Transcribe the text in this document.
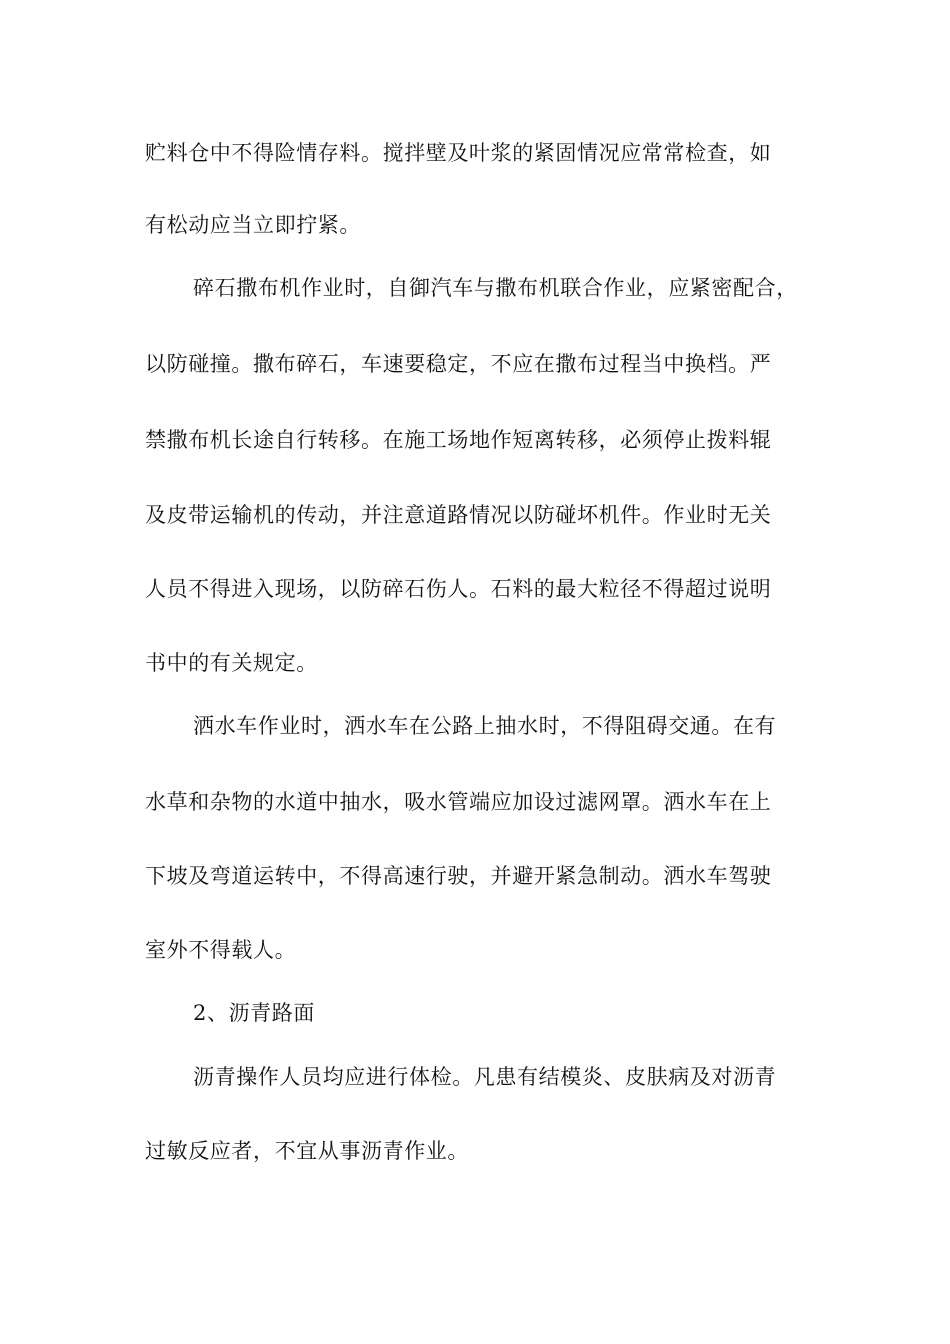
贮料仓中不得险情存料。搅拌壁及叶浆的紧固情况应常常检查，如
有松动应当立即拧紧。
碎石撒布机作业时，自御汽车与撒布机联合作业，应紧密配合，
以防碰撞。撒布碎石，车速要稳定，不应在撒布过程当中换档。严
禁撒布机长途自行转移。在施工场地作短离转移，必须停止拨料辊
及皮带运输机的传动，并注意道路情况以防碰坏机件。作业时无关
人员不得进入现场，以防碎石伤人。石料的最大粒径不得超过说明
书中的有关规定。
洒水车作业时，洒水车在公路上抽水时，不得阻碍交通。在有
水草和杂物的水道中抽水，吸水管端应加设过滤网罩。洒水车在上
下坡及弯道运转中，不得高速行驶，并避开紧急制动。洒水车驾驶
室外不得载人。
2、沥青路面
沥青操作人员均应进行体检。凡患有结模炎、皮肤病及对沥青
过敏反应者，不宜从事沥青作业。
